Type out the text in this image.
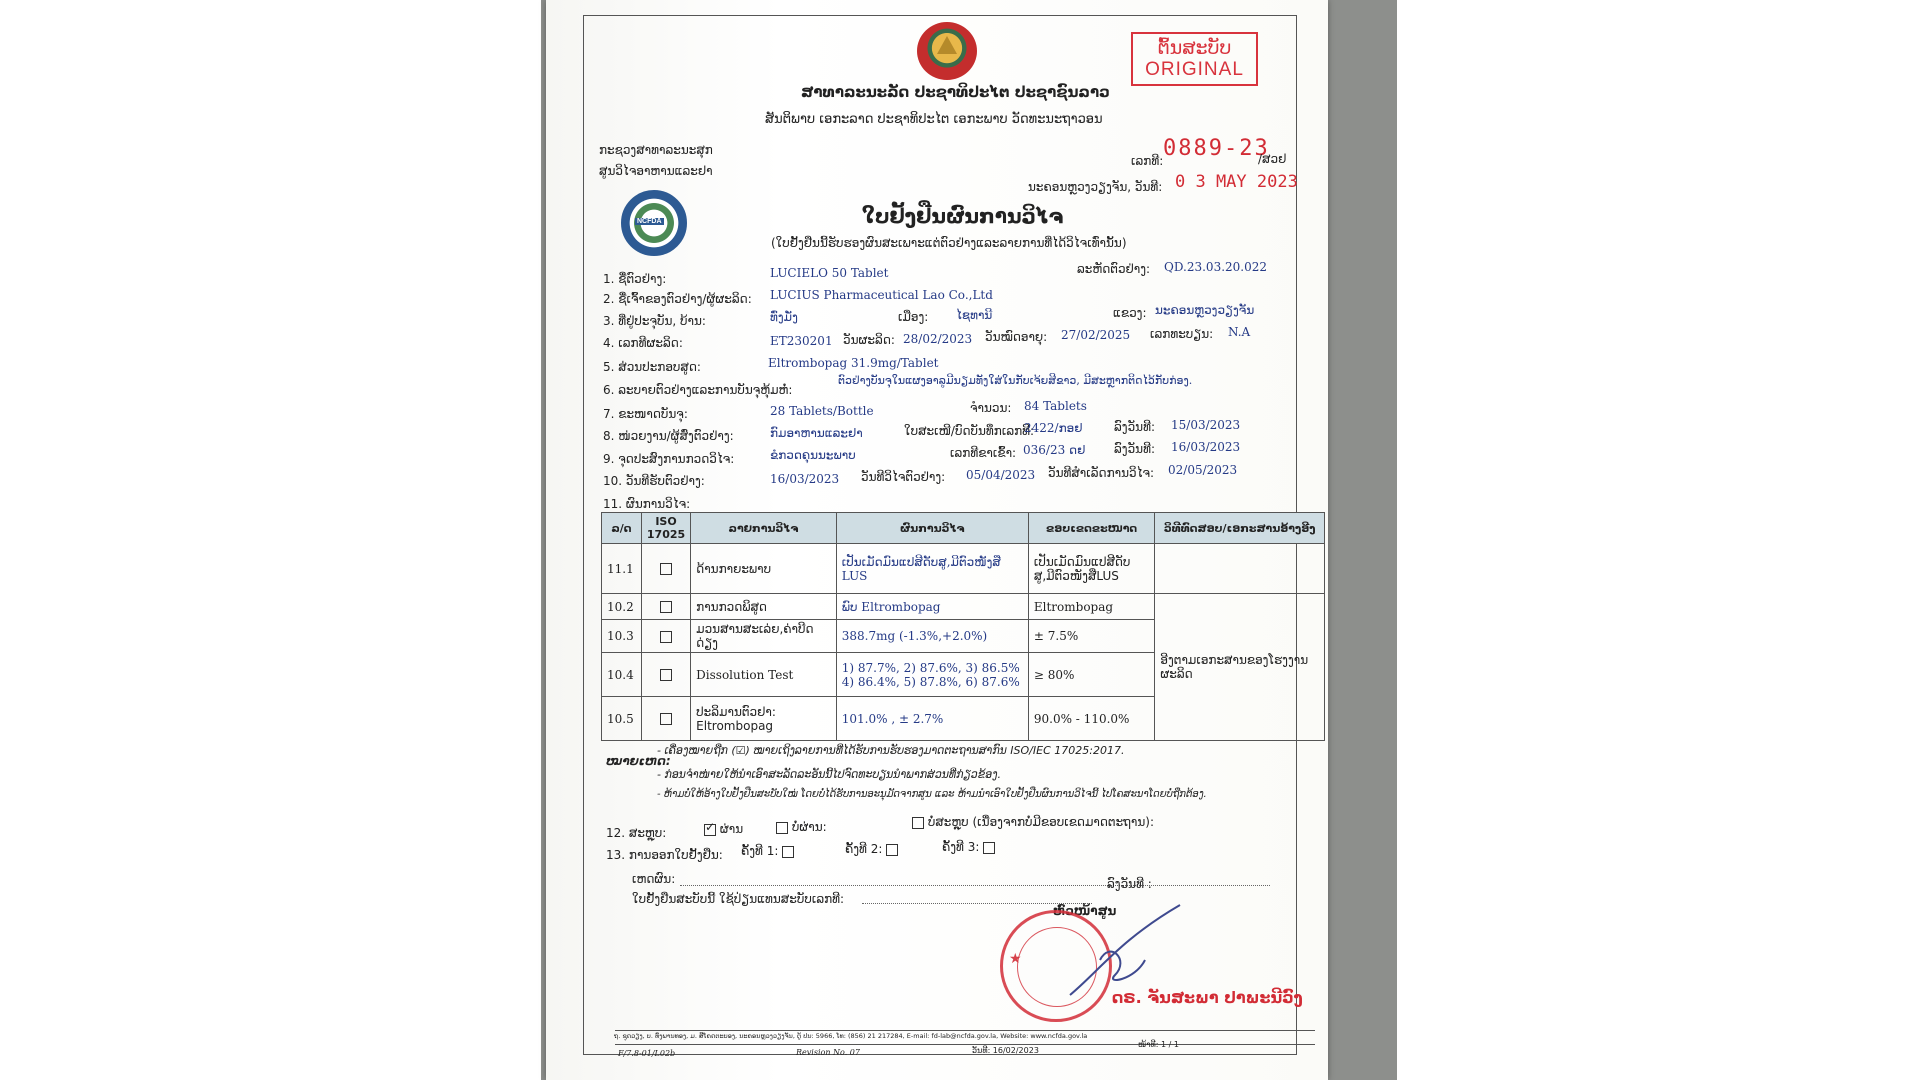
ຕົ້ນສະບັບ
ORIGINAL
ສາທາລະນະລັດ ປະຊາທິປະໄຕ ປະຊາຊົນລາວ
ສັນຕິພາບ ເອກະລາດ ປະຊາທິປະໄຕ ເອກະພາບ ວັດທະນະຖາວອນ
ກະຊວງສາທາລະນະສຸກ
ສູນວິໄຈອາຫານແລະຢາ
ເລກທີ: 0889-23
/ສວຢ
ນະຄອນຫຼວງວຽງຈັນ, ວັນທີ: 0 3 MAY 2023
NCFDA	ໃບຢັ້ງຢືນຜົນການວິໄຈ
(ໃບຢັ້ງຢືນນີ້ຮັບຮອງຜົນສະເພາະແຕ່ຕົວຢ່າງແລະລາຍການທີ່ໄດ້ວິໄຈເທົ່ານັ້ນ)
1. ຊື່ຕົວຢ່າງ:	LUCIELO 50 Tablet	ລະຫັດຕົວຢ່າງ: QD.23.03.20.022
2. ຊື່ເຈົ້າຂອງຕົວຢ່າງ/ຜູ້ຜະລິດ: LUCIUS Pharmaceutical Lao Co.,Ltd
3. ທີ່ຢູ່ປະຈຸບັນ, ບ້ານ:	ທົ່ງມັ່ງ	ເມືອງ: ໄຊທານີ	ແຂວງ: ນະຄອນຫຼວງວຽງຈັນ
4. ເລກທີຜະລິດ:	ET230201 ວັນຜະລິດ: 28/02/2023 ວັນໝົດອາຍຸ: 27/02/2025 ເລກທະບຽນ: N.A
5. ສ່ວນປະກອບສູດ:	Eltrombopag 31.9mg/Tablet
6. ລະບາຍຕົວຢ່າງແລະການບັນຈຸຫຸ້ມຫໍ່:
ຕົວຢ່າງບັນຈຸໃນແຜງອາລູມີນຽມທັງໃສ່ໃນກັບເຈ້ຍສີຂາວ, ມີສະຫຼາກຕິດໄວ້ກັບກ່ອງ.
7. ຂະໜາດບັນຈຸ:	28 Tablets/Bottle	ຈຳນວນ: 84 Tablets
8. ໜ່ວຍງານ/ຜູ້ສົ່ງຕົວຢ່າງ:	ກົມອາຫານແລະຢາ	ໃບສະເໜີ/ບົດບັນທຶກເລກທີ:
2422/ກອຢ	ລົງວັນທີ: 15/03/2023
9. ຈຸດປະສົງການກວດວິໄຈ:	ຂໍກວດຄຸນນະພາບ	ເລກທີຂາເຂົ້າ: 036/23 ດຢ ລົງວັນທີ: 16/03/2023
10. ວັນທີຮັບຕົວຢ່າງ:	16/03/2023 ວັນທີວິໄຈຕົວຢ່າງ: 05/04/2023 ວັນທີສຳເລັດການວິໄຈ: 02/05/2023
11. ຜົນການວິໄຈ:
ລ/ດ	ISO 17025	ລາຍການວິໄຈ	ຜົນການວິໄຈ	ຂອບເຂດຂະໜາດ	ວິທີທົດສອບ/ເອກະສານອ້າງອີງ
11.1		ດ້ານກາຍະພາບ	ເປັນເມັດມົນແປສີດັບສູ,ມີຕົວໜັງສື LUS	ເປັນເມັດມົນແປສີດັບສູ,ມີຕົວໜັງສືLUS	
10.2		ການກວດພິສູດ	ພົບ Eltrombopag	Eltrombopag	ອີງຕາມເອກະສານຂອງໂຮງງານຜະລິດ
10.3		ມວນສານສະເລ່ຍ,ຄ່າບີດດ່ຽງ	388.7mg (-1.3%,+2.0%)	± 7.5%	
10.4		Dissolution Test	1) 87.7%, 2) 87.6%, 3) 86.5% 4) 86.4%, 5) 87.8%, 6) 87.6%	≥ 80%	
10.5		ປະລິມານຕົວຢາ: Eltrombopag	101.0% , ± 2.7%	90.0% - 110.0%	
ໝາຍເຫດ:
- ເຄື່ອງໝາຍຖືກ (☑) ໝາຍເຖິງລາຍການທີ່ໄດ້ຮັບການຮັບຮອງມາດຕະຖານສາກົນ ISO/IEC 17025:2017.
- ກ່ອນຈຳໜ່າຍໃຫ້ນຳເອົາສະລັດລະອັນນີ້ໄປຈົດທະບຽນນຳພາກສ່ວນທີ່ກ່ຽວຂ້ອງ.
- ຫ້າມບໍ່ໃຫ້ອ້າງໃບຢັ້ງຢືນສະບັບໃໝ່ ໂດຍບໍ່ໄດ້ຮັບການອະນຸມັດຈາກສູນ ແລະ ຫ້າມນຳເອົາໃບຢັ້ງຢືນຜົນການວິໄຈນີ້ ໄປໂຄສະນາໂດຍບໍ່ຖືກຕ້ອງ.
12. ສະຫຼຸບ: ✓	ຜ່ານ	ບໍ່ຜ່ານ:	ບໍ່ສະຫຼຸບ (ເນື່ອງຈາກບໍ່ມີຂອບເຂດມາດຕະຖານ):
13. ການອອກໃບຢັ້ງຢືນ: ຄັ້ງທີ 1:	ຄັ້ງທີ 2:	ຄັ້ງທີ 3:
ເຫດຜົນ:
ໃບຢັ້ງຢືນສະບັບນີ້ ໃຊ້ປ່ຽນແທນສະບັບເລກທີ:
ລົງວັນທີ :
ຫົວໜ້າສູນ
★
ດຣ. ຈັນສະພາ ປາພະນີວົງ
ຖ. ຊຸດວຽງ, ບ. ທົ່ງພານທອງ, ມ. ສີໂຄດຕະບອງ, ນະຄອນຫຼວງວຽງຈັນ, ຕູ້ ປນ: 5966, ໂທ: (856) 21 217284, E-mail: fd-lab@ncfda.gov.la, Website: www.ncfda.gov.la
F/7.8-01/L02b	Revision No. 07	ວັນທີ: 16/02/2023
ໜ້າທີ: 1 / 1
